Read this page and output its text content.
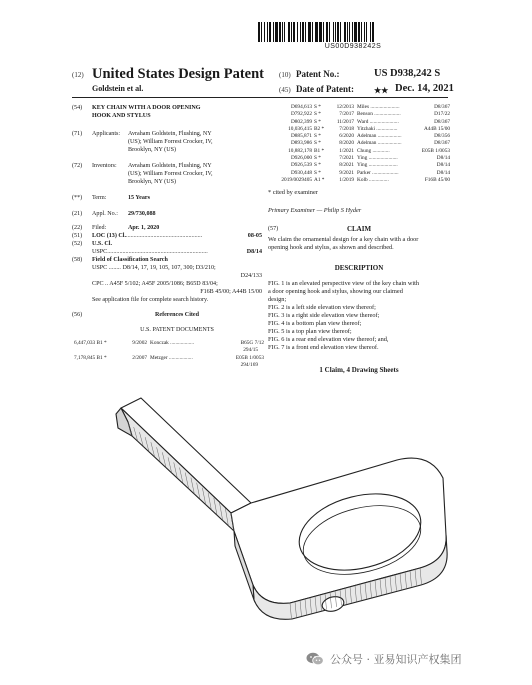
US00D938242S
(12) United States Design Patent
Goldstein et al.
(10) Patent No.:	US D938,242 S
(45) Date of Patent:	★★ Dec. 14, 2021
(54) KEY CHAIN WITH A DOOR OPENING
HOOK AND STYLUS
(71) Applicants: Avraham Goldstein, Flushing, NY
(US); William Forrest Crocker, IV,
Brooklyn, NY (US)
(72) Inventors: Avraham Goldstein, Flushing, NY
(US); William Forrest Crocker, IV,
Brooklyn, NY (US)
(**) Term:	15 Years
(21) Appl. No.: 29/730,088
(22) Filed:	Apr. 1, 2020
(51) LOC (13) Cl. ..................................................	08-05
(52) U.S. Cl.
USPC ..................................................................	D8/14
(58) Field of Classification Search
USPC ........ D8/14, 17, 19, 105, 107, 300; D3/210;
D24/133
CPC .. A45F 5/102; A45F 2005/1086; B65D 83/04;
F16B 45/00; A44B 15/00
See application file for complete search history.
(56)	References Cited
U.S. PATENT DOCUMENTS
6,447,033 B1 *	9/2002 Konczak ..................	B65G 7/12
294/15
7,178,845 B1 *	2/2007 Metzger ..................	E05B 1/0053
294/169
D694,613 S *	12/2013 Miles ......................	D8/367
D792,922 S *	7/2017 Benson ....................	D17/22
D802,399 S *	11/2017 Ward ......................	D8/367
10,036,415 B2 *	7/2018 Yitzhaki ................	A44B 15/00
D885,871 S *	6/2020 Adelman ..................	D8/356
D893,986 S *	8/2020 Adelman ..................	D8/367
10,882,178 B1 *	1/2021 Chung .............	E05B 1/0053
D926,000 S *	7/2021 Ying ......................	D8/14
D926,539 S *	8/2021 Ying ......................	D8/14
D930,448 S *	9/2021 Parker ....................	D8/14
2019/0029405 A1 *	1/2019 Kolb ...............	F16B 45/00
* cited by examiner
Primary Examiner — Philip S Hyder
(57)	CLAIM
We claim the ornamental design for a key chain with a door
opening hook and stylus, as shown and described.
DESCRIPTION
FIG. 1 is an elevated perspective view of the key chain with
a door opening hook and stylus, showing our claimed
design;
FIG. 2 is a left side elevation view thereof;
FIG. 3 is a right side elevation view thereof;
FIG. 4 is a bottom plan view thereof;
FIG. 5 is a top plan view thereof;
FIG. 6 is a rear end elevation view thereof; and,
FIG. 7 is a front end elevation view thereof.
1 Claim, 4 Drawing Sheets
公众号 · 亚易知识产权集团
